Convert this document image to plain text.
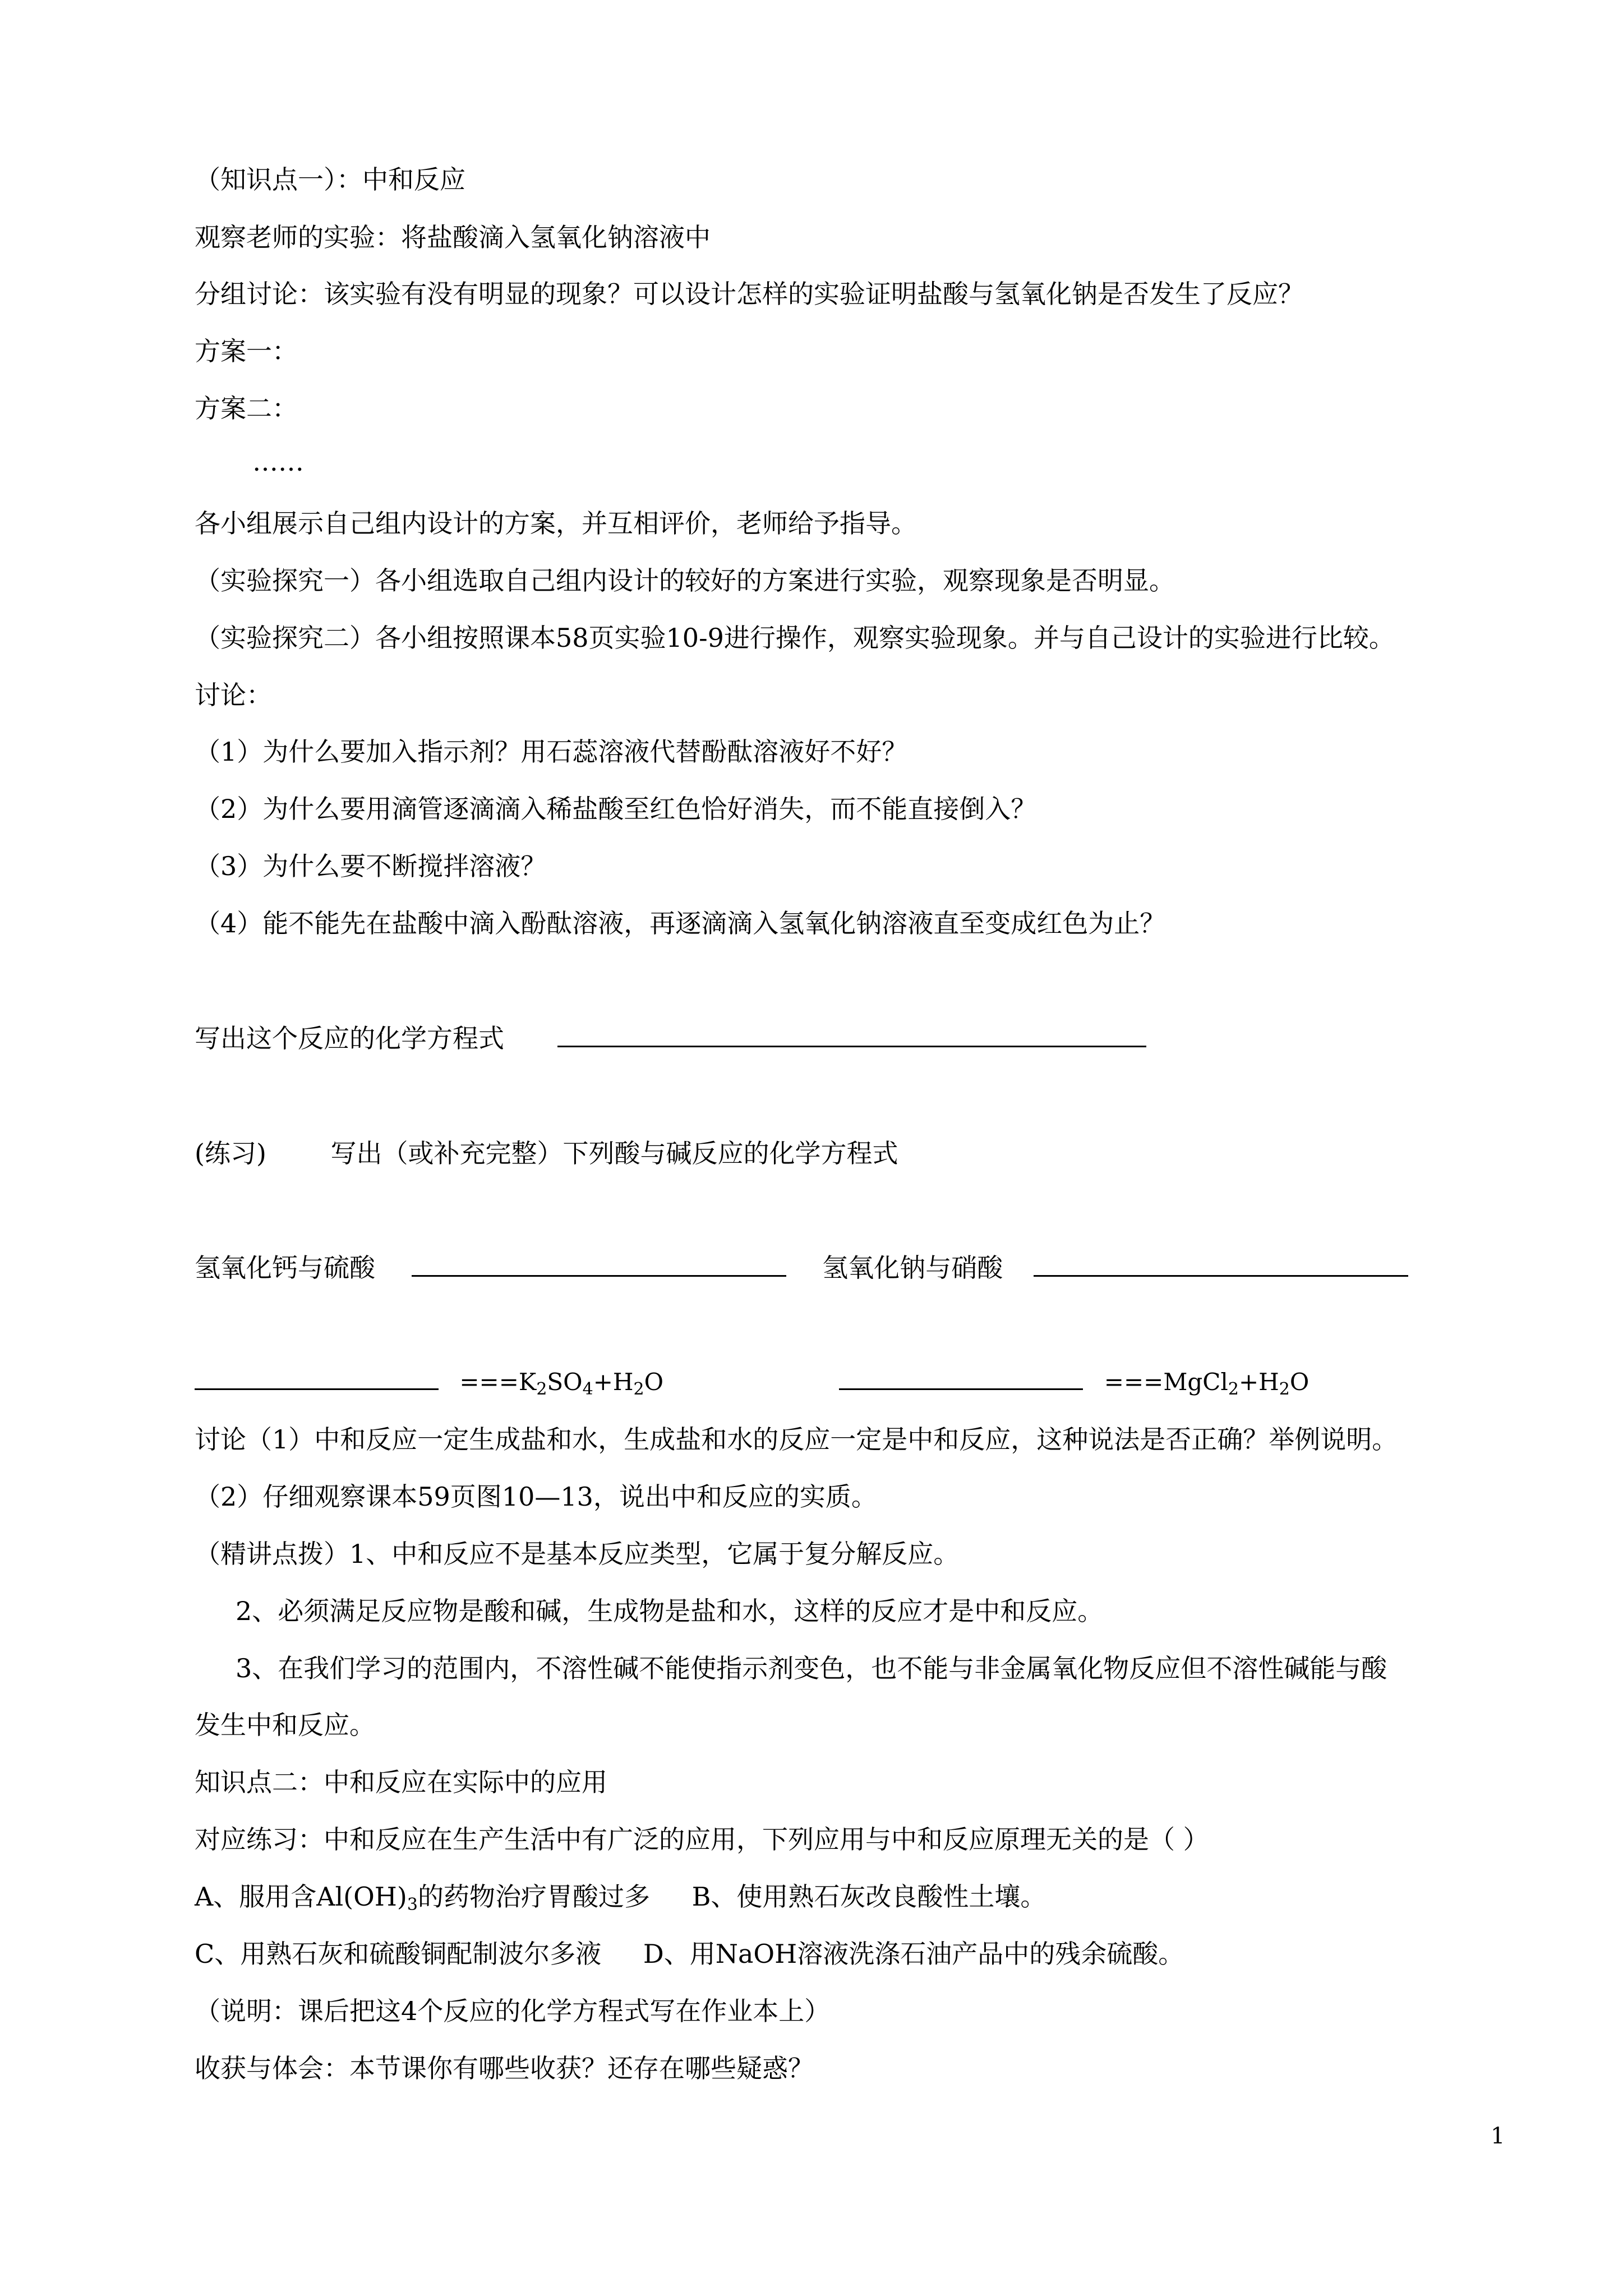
（知识点一）：中和反应
观察老师的实验：将盐酸滴入氢氧化钠溶液中
分组讨论：该实验有没有明显的现象？可以设计怎样的实验证明盐酸与氢氧化钠是否发生了反应？
方案一：
方案二：
……
各小组展示自己组内设计的方案，并互相评价，老师给予指导。
（实验探究一）各小组选取自己组内设计的较好的方案进行实验，观察现象是否明显。
（实验探究二）各小组按照课本58页实验10-9进行操作，观察实验现象。并与自己设计的实验进行比较。
讨论：
（1）为什么要加入指示剂？用石蕊溶液代替酚酞溶液好不好？
（2）为什么要用滴管逐滴滴入稀盐酸至红色恰好消失，而不能直接倒入？
（3）为什么要不断搅拌溶液？
（4）能不能先在盐酸中滴入酚酞溶液，再逐滴滴入氢氧化钠溶液直至变成红色为止？
写出这个反应的化学方程式
(练习) 写出（或补充完整）下列酸与碱反应的化学方程式
氢氧化钙与硫酸	氢氧化钠与硝酸
$===K_2SO_4+H_2O$	$===MgCl_2+H_2O$
讨论（1）中和反应一定生成盐和水，生成盐和水的反应一定是中和反应，这种说法是否正确？举例说明。
（2）仔细观察课本59页图10—13，说出中和反应的实质。
（精讲点拨）1、中和反应不是基本反应类型，它属于复分解反应。
2、必须满足反应物是酸和碱，生成物是盐和水，这样的反应才是中和反应。
3、在我们学习的范围内，不溶性碱不能使指示剂变色，也不能与非金属氧化物反应但不溶性碱能与酸
发生中和反应。
知识点二：中和反应在实际中的应用
对应练习：中和反应在生产生活中有广泛的应用，下列应用与中和反应原理无关的是（ ）
A、服用含$Al(OH)_3$的药物治疗胃酸过多 B、使用熟石灰改良酸性土壤。
C、用熟石灰和硫酸铜配制波尔多液 D、用NaOH溶液洗涤石油产品中的残余硫酸。
（说明：课后把这4个反应的化学方程式写在作业本上）
收获与体会：本节课你有哪些收获？还存在哪些疑惑？
1
